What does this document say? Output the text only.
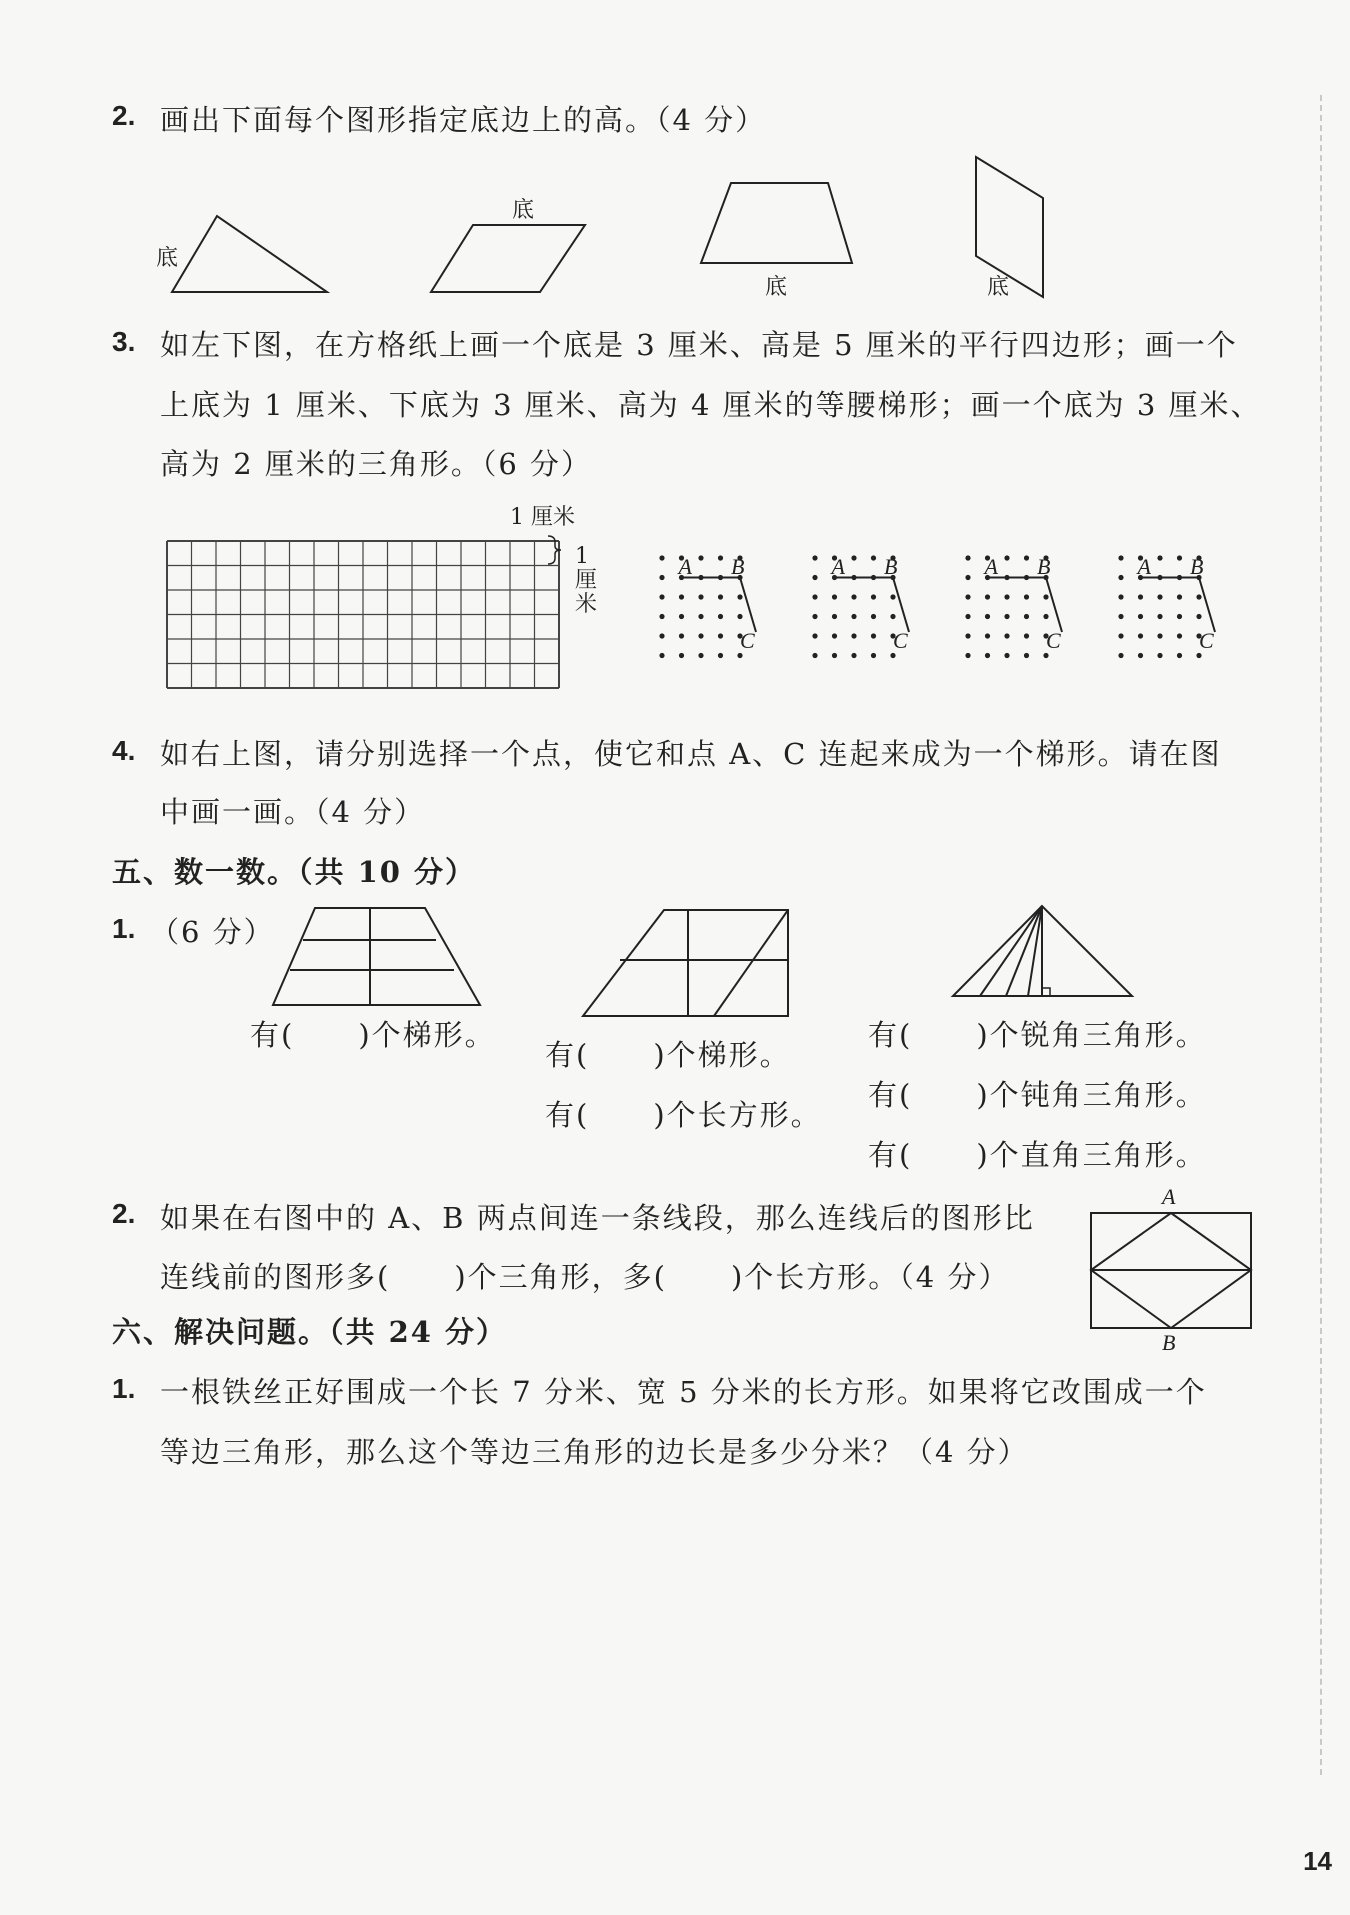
2. 画出下面每个图形指定底边上的高。（4 分）
底
底
底	底
3. 如左下图，在方格纸上画一个底是 3 厘米、高是 5 厘米的平行四边形；画一个
上底为 1 厘米、下底为 3 厘米、高为 4 厘米的等腰梯形；画一个底为 3 厘米、
高为 2 厘米的三角形。（6 分）
1 厘米
1厘米
A B
C
A B
C
A B
C
A B
C
4. 如右上图，请分别选择一个点，使它和点 A、C 连起来成为一个梯形。请在图
中画一画。（4 分）
五、数一数。（共 10 分）
1. （6 分）
有( )个梯形。
有( )个梯形。
有( )个长方形。
有( )个锐角三角形。
有( )个钝角三角形。
有( )个直角三角形。
2. 如果在右图中的 A、B 两点间连一条线段，那么连线后的图形比
连线前的图形多( )个三角形，多( )个长方形。（4 分）
A
B
六、解决问题。（共 24 分）
1. 一根铁丝正好围成一个长 7 分米、宽 5 分米的长方形。如果将它改围成一个
等边三角形，那么这个等边三角形的边长是多少分米？（4 分）
14
